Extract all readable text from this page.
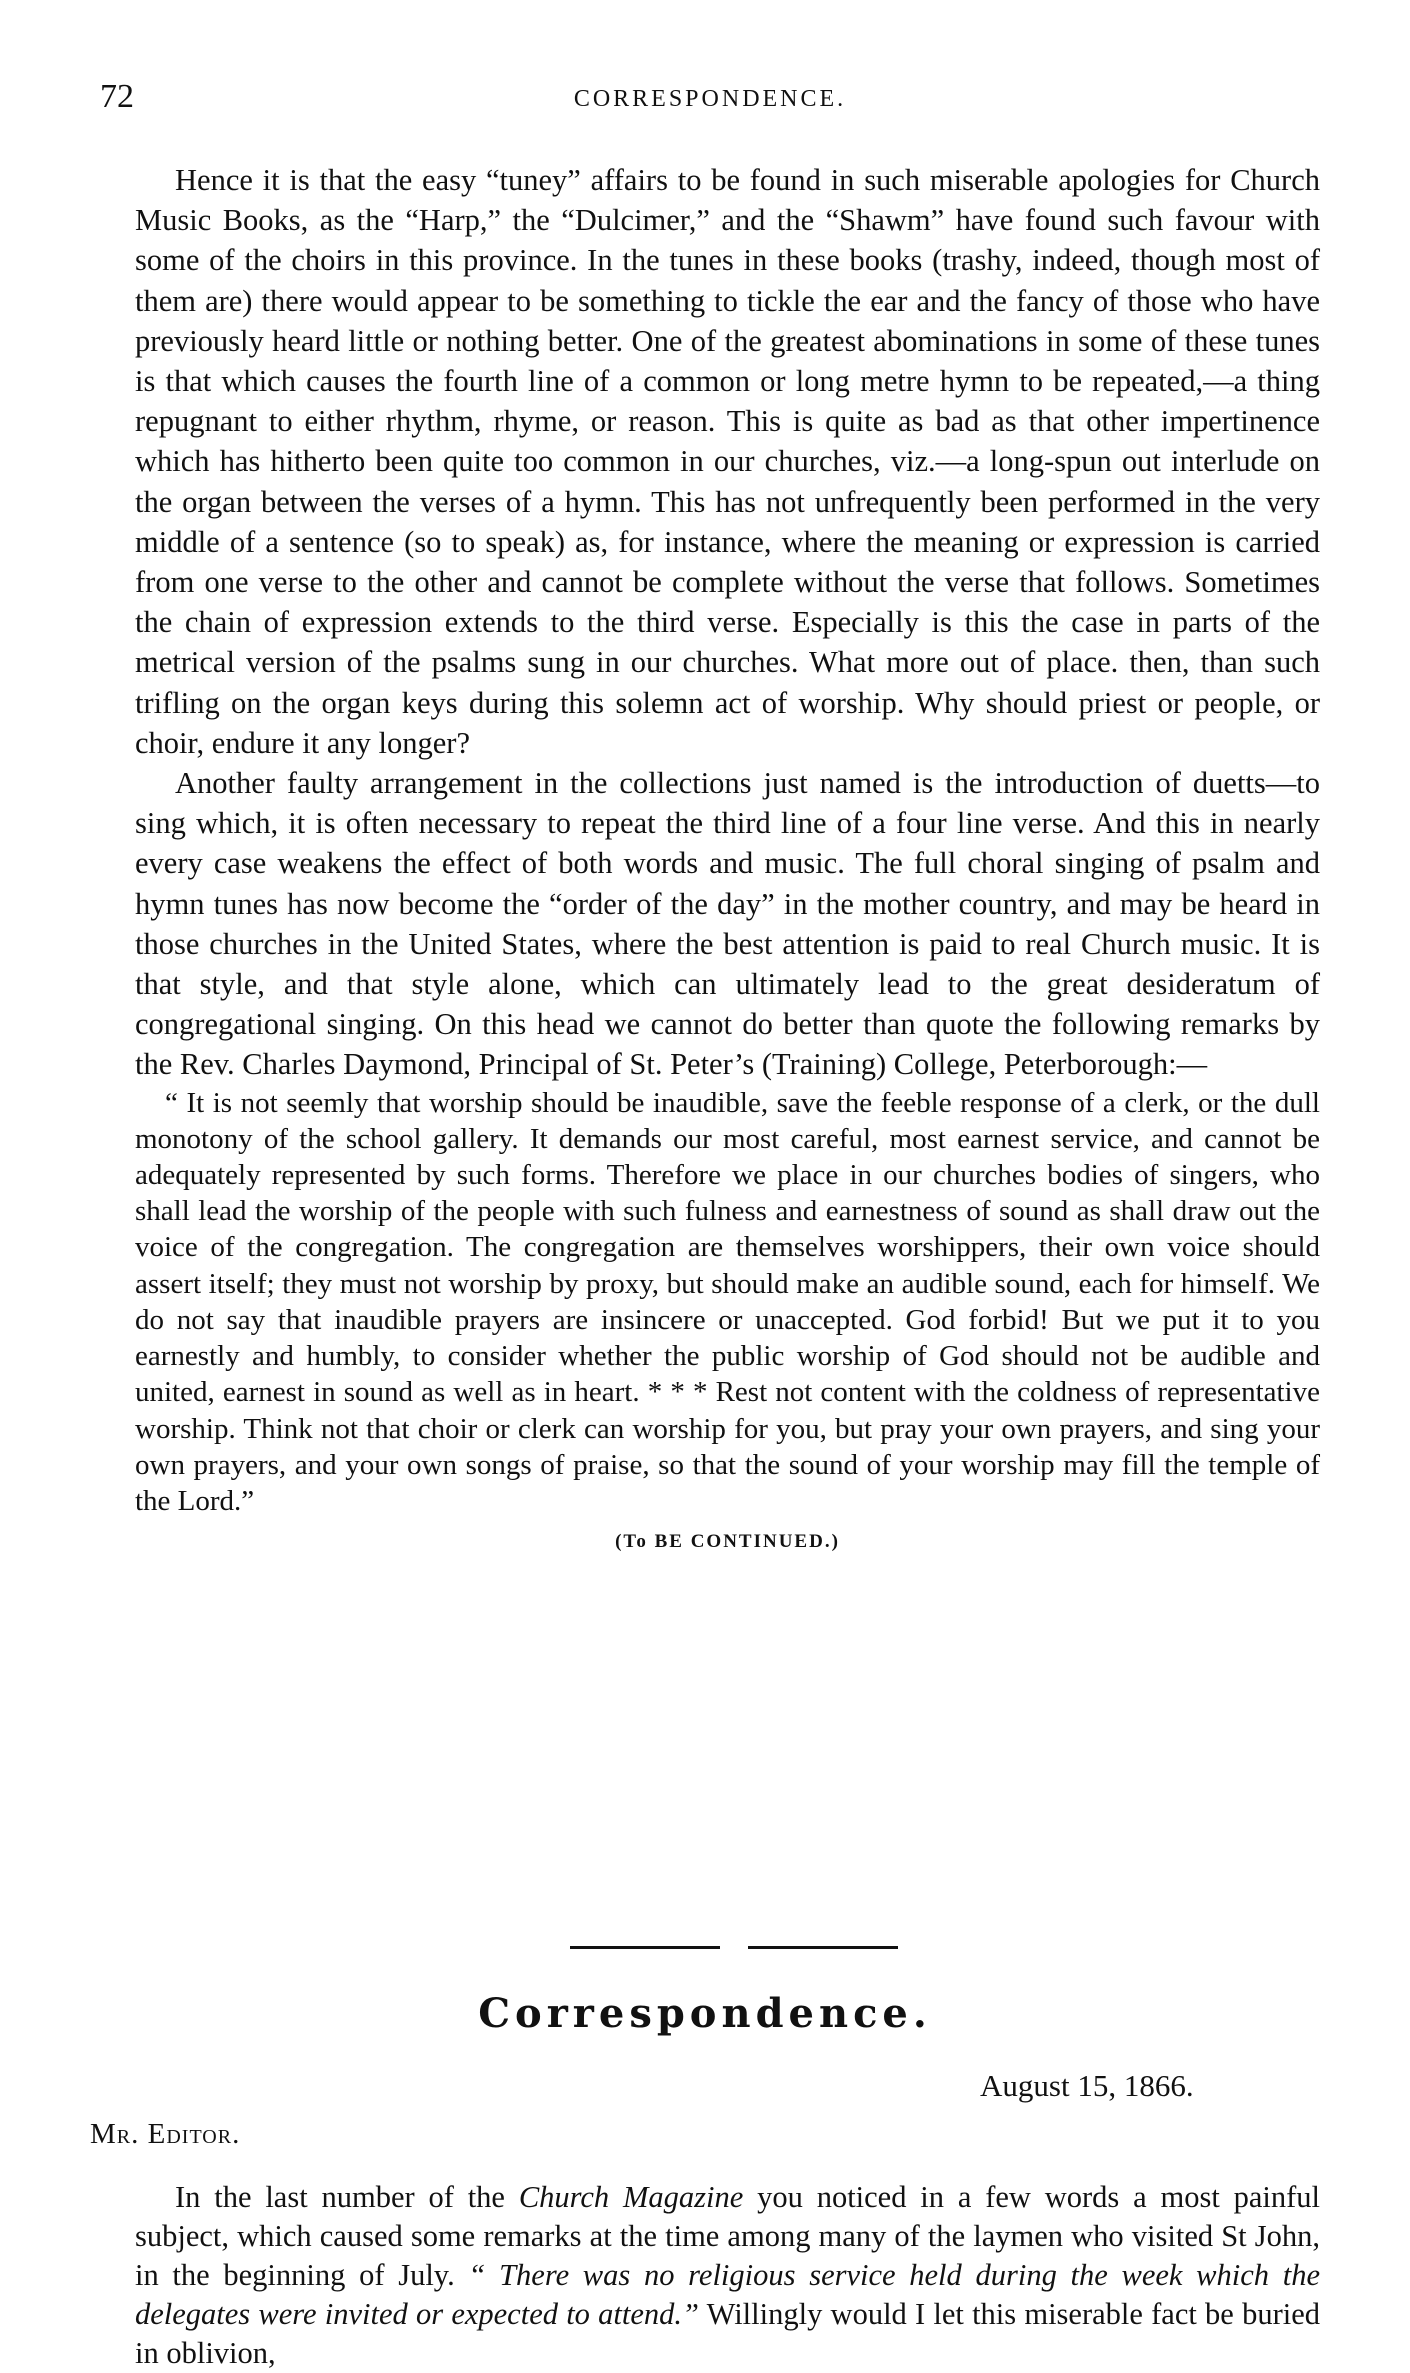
72	CORRESPONDENCE.

Hence it is that the easy “tuney” affairs to be found in such miserable apologies for Church Music Books, as the “Harp,” the “Dulcimer,” and the “Shawm” have found such favour with some of the choirs in this province. In the tunes in these books (trashy, indeed, though most of them are) there would appear to be something to tickle the ear and the fancy of those who have previously heard little or nothing better. One of the greatest abominations in some of these tunes is that which causes the fourth line of a common or long metre hymn to be repeated,—a thing repugnant to either rhythm, rhyme, or reason. This is quite as bad as that other impertinence which has hitherto been quite too common in our churches, viz.—a long-spun out interlude on the organ between the verses of a hymn. This has not unfrequently been performed in the very middle of a sentence (so to speak) as, for instance, where the meaning or expression is carried from one verse to the other and cannot be complete without the verse that follows. Sometimes the chain of expression extends to the third verse. Especially is this the case in parts of the metrical version of the psalms sung in our churches. What more out of place. then, than such trifling on the organ keys during this solemn act of worship. Why should priest or people, or choir, endure it any longer?

Another faulty arrangement in the collections just named is the introduction of duetts—to sing which, it is often necessary to repeat the third line of a four line verse. And this in nearly every case weakens the effect of both words and music. The full choral singing of psalm and hymn tunes has now become the “order of the day” in the mother country, and may be heard in those churches in the United States, where the best attention is paid to real Church music. It is that style, and that style alone, which can ultimately lead to the great desideratum of congregational singing. On this head we cannot do better than quote the following remarks by the Rev. Charles Daymond, Principal of St. Peter’s (Training) College, Peterborough:—

“ It is not seemly that worship should be inaudible, save the feeble response of a clerk, or the dull monotony of the school gallery. It demands our most careful, most earnest service, and cannot be adequately represented by such forms. Therefore we place in our churches bodies of singers, who shall lead the worship of the people with such fulness and earnestness of sound as shall draw out the voice of the congregation. The congregation are themselves worshippers, their own voice should assert itself; they must not worship by proxy, but should make an audible sound, each for himself. We do not say that inaudible prayers are insincere or unaccepted. God forbid! But we put it to you earnestly and humbly, to consider whether the public worship of God should not be audible and united, earnest in sound as well as in heart. * * * Rest not content with the coldness of representative worship. Think not that choir or clerk can worship for you, but pray your own prayers, and sing your own prayers, and your own songs of praise, so that the sound of your worship may fill the temple of the Lord.”

(To BE CONTINUED.)

Correspondence.
August 15, 1866.
Mr. Editor.

In the last number of the Church Magazine you noticed in a few words a most painful subject, which caused some remarks at the time among many of the laymen who visited St John, in the beginning of July. “ There was no religious service held during the week which the delegates were invited or expected to attend.” Willingly would I let this miserable fact be buried in oblivion,
